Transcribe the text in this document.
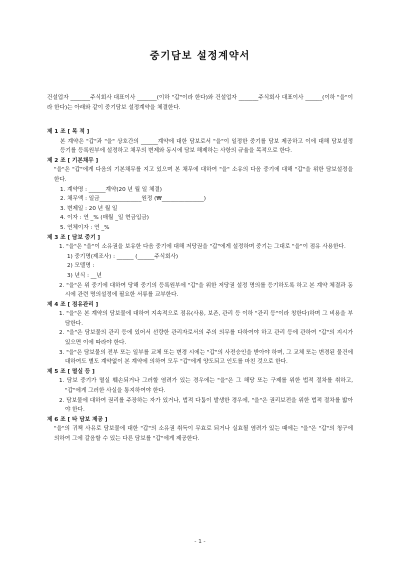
중기담보 설정계약서
건설업자 _______주식회사 대표이사 _______(이하 "갑"이라 한다)와 건설업자 _______주식회사 대표이사 ______(이하 "을"이라 한다)는 아래와 같이 중기담보 설정계약을 체결한다.
제 1 조 [ 목 적 ]
본 계약은 "갑"과 "을" 상호간의 ______계약에 대한 담보로서 "을"이 일정한 중기를 담보 제공하고 이에 대해 담보설정 등기를 등록원부에 설정하고 채무의 변제와 동시에 담보 해제하는 사항의 규율을 목적으로 한다.
제 2 조 [ 기본채무 ]
"을"은 "갑"에게 다음의 기본채무를 지고 있으며 본 채무에 대하여 "을" 소유의 다음 중기에 대해 "갑"을 위한 담보설정을 한다.
1. 계약명 : ______계약(20 년 월 일 체결)
2. 채무액 : 일금_______________원정 (₩_______________)
3. 변제일 : 20 년 월 일
4. 이자 : 연 _% (매월 _일 현금입금)
5. 연체이자 : 연 _%
제 3 조 [ 담보 중기 ]
1. "을"은 "을"이 소유권을 보유한 다음 중기에 대해 저당권을 "갑"에게 설정하며 중기는 그대로 "을"이 점유 사용한다.
1) 중기명(제조사) : ______ (______주식회사)
2) 모델명 :
3) 년식 : __년
2. "을"은 위 중기에 대하여 당해 중기의 등록원부에 "갑"을 위한 저당권 설정 명의를 등기하도록 하고 본 계약 체결과 동시에 관련 명의설정에 필요한 서류를 교부한다.
제 4 조 [ 점유관리 ]
1. "을"은 본 계약의 담보물에 대하여 지속적으로 점유(사용, 보존, 관리 등 이하 "관리 등"이라 칭한다)하며 그 비용을 부담한다.
2. "을"은 담보물의 관리 등에 있어서 선량한 관리자로서의 주의 의무를 다하여야 하고 관리 등에 관하여 "갑"의 지시가 있으면 이에 따라야 한다.
3. "을"은 담보물의 전부 또는 일부를 교체 또는 변경 시에는 "갑"의 사전승인을 받아야 하며, 그 교체 또는 변경된 물건에 대하여도 별도 계약없이 본 계약에 의하여 모두 "갑"에게 양도되고 인도를 마친 것으로 한다.
제 5 조 [ 멸실 등 ]
1. 담보 중기가 멸실 훼손되거나 그러할 염려가 있는 경우에는 "을"은 그 해당 또는 구제를 위한 법적 절차를 취하고, "갑"에게 그러한 사실을 통지하여야 한다.
2. 담보물에 대하여 권리를 주장하는 자가 있거나, 법적 다툼이 발생한 경우에, "을"은 권리보전을 위한 법적 절차를 밟아야 한다.
제 6 조 [ 타 담보 제공 ]
"을"의 귀책 사유로 담보물에 대한 "갑"의 소유권 취득이 무효로 되거나 실효될 염려가 있는 때에는 "을"은 "갑"의 청구에 의하여 그에 갈음할 수 있는 다른 담보를 "갑"에게 제공한다.
- 1 -
